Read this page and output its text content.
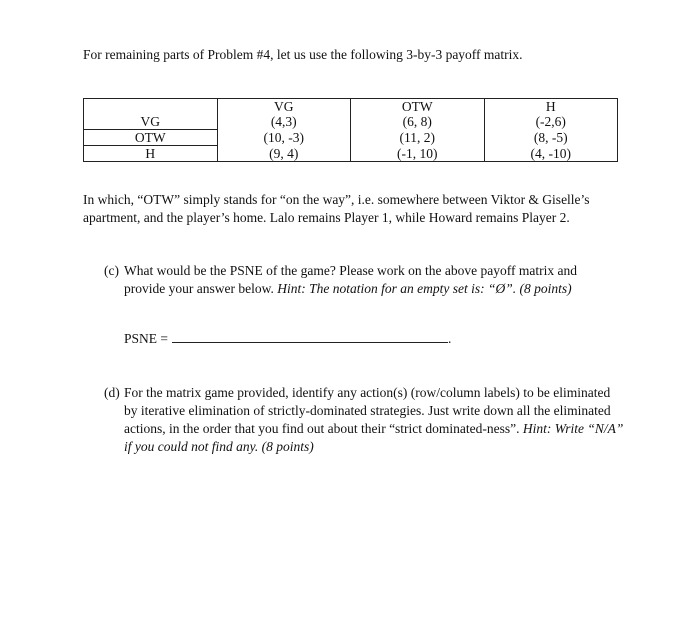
For remaining parts of Problem #4, let us use the following 3-by-3 payoff matrix.

	VG	OTW	H
VG	(4,3)	(6, 8)	(-2,6)
OTW	(10, -3)	(11, 2)	(8, -5)
H	(9, 4)	(-1, 10)	(4, -10)

In which, “OTW” simply stands for “on the way”, i.e. somewhere between Viktor & Giselle’s apartment, and the player’s home. Lalo remains Player 1, while Howard remains Player 2.

(c) What would be the PSNE of the game? Please work on the above payoff matrix and provide your answer below. Hint: The notation for an empty set is: “Ø”. (8 points)
PSNE =	.
(d) For the matrix game provided, identify any action(s) (row/column labels) to be eliminated by iterative elimination of strictly-dominated strategies. Just write down all the eliminated actions, in the order that you find out about their “strict dominated-ness”. Hint: Write “N/A” if you could not find any. (8 points)
